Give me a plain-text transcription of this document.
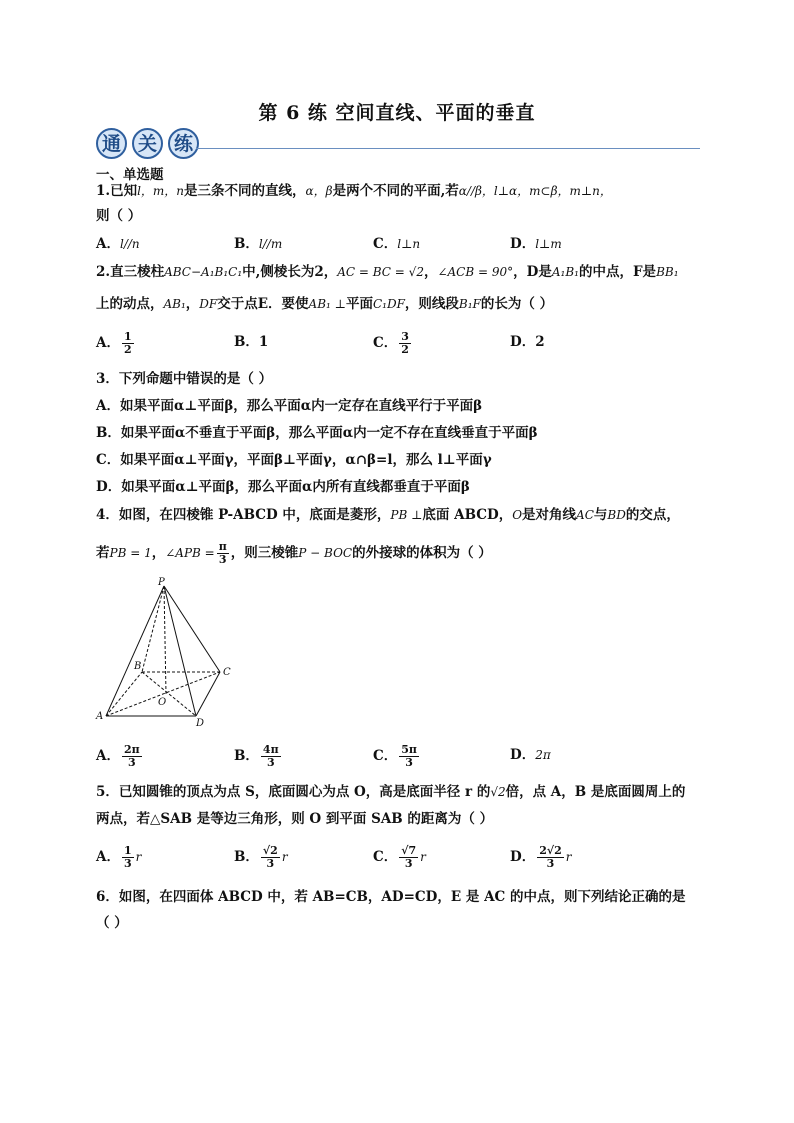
第 6 练 空间直线、平面的垂直
通 关 练
一、单选题
1.已知l，m，n是三条不同的直线，α，β是两个不同的平面,若α//β，l⊥α，m⊂β，m⊥n，
则（ ）
A．l//n	B．l//m	C．l⊥n	D．l⊥m
2.直三棱柱ABC−A₁B₁C₁中,侧棱长为2，AC = BC = √2，∠ACB = 90°，D是A₁B₁的中点，F是BB₁
上的动点，AB₁，DF交于点E．要使AB₁ ⊥平面C₁DF，则线段B₁F的长为（ ）
A． $\frac{1}{2}$	B．1	C． $\frac{3}{2}$	D．2
3．下列命题中错误的是（ ）
A．如果平面α⊥平面β，那么平面α内一定存在直线平行于平面β
B．如果平面α不垂直于平面β，那么平面α内一定不存在直线垂直于平面β
C．如果平面α⊥平面γ，平面β⊥平面γ，α∩β=l，那么 l⊥平面γ
D．如果平面α⊥平面β，那么平面α内所有直线都垂直于平面β
4．如图，在四棱锥 P-ABCD 中，底面是菱形，PB ⊥底面 ABCD，O是对角线AC与BD的交点，
若PB = 1，∠APB = $\frac{\pi}{3}$ ，则三棱锥P − BOC的外接球的体积为（ ）
P
A
B
C
D
O
A． $\frac{2\pi}{3}$	B． $\frac{4\pi}{3}$	C． $\frac{5\pi}{3}$	D．2π
5．已知圆锥的顶点为点 S，底面圆心为点 O，高是底面半径 r 的√2倍，点 A，B 是底面圆周上的
两点，若△SAB 是等边三角形，则 O 到平面 SAB 的距离为（ ）
A． $\frac{1}{3}$ r	B． $\frac{√2}{3}$ r	C． $\frac{√7}{3}$ r	D． $\frac{2√2}{3}$ r
6．如图，在四面体 ABCD 中，若 AB=CB，AD=CD，E 是 AC 的中点，则下列结论正确的是
（ ）
